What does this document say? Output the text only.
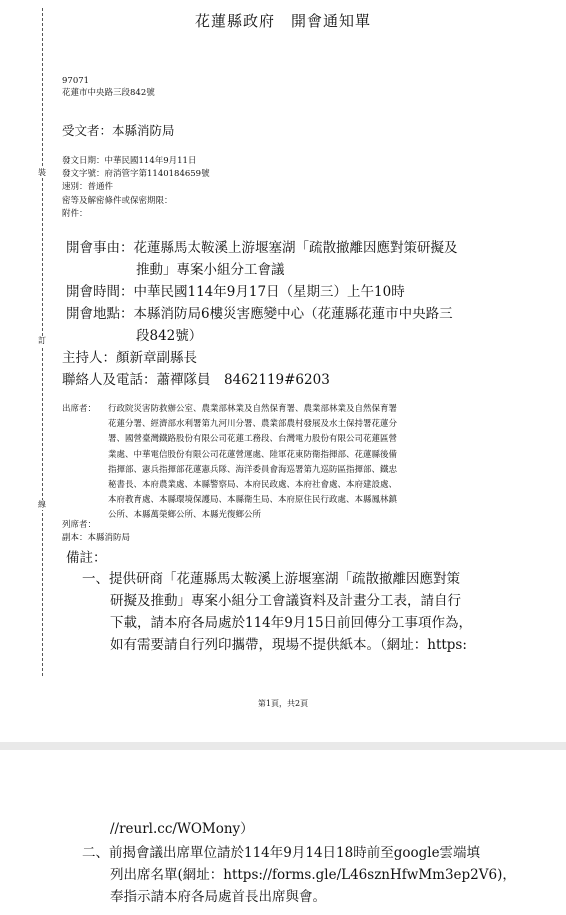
裝
訂
線
花蓮縣政府　開會通知單
97071
花蓮市中央路三段842號
受文者：本縣消防局
發文日期：中華民國114年9月11日
發文字號：府消管字第1140184659號
速別：普通件
密等及解密條件或保密期限：
附件：
開會事由：花蓮縣馬太鞍溪上游堰塞湖「疏散撤離因應對策研擬及
推動」專案小組分工會議
開會時間：中華民國114年9月17日（星期三）上午10時
開會地點：本縣消防局6樓災害應變中心（花蓮縣花蓮市中央路三
段842號）
主持人：顏新章副縣長
聯絡人及電話：蕭禪隊員　8462119#6203
出席者： 行政院災害防救辦公室、農業部林業及自然保育署、農業部林業及自然保育署
花蓮分署、經濟部水利署第九河川分署、農業部農村發展及水土保持署花蓮分
署、國營臺灣鐵路股份有限公司花蓮工務段、台灣電力股份有限公司花蓮區營
業處、中華電信股份有限公司花蓮營運處、陸軍花東防衛指揮部、花蓮縣後備
指揮部、憲兵指揮部花蓮憲兵隊、海洋委員會海巡署第九巡防區指揮部、鐵忠
秘書長、本府農業處、本縣警察局、本府民政處、本府社會處、本府建設處、
本府教育處、本縣環境保護局、本縣衛生局、本府原住民行政處、本縣鳳林鎮
公所、本縣萬榮鄉公所、本縣光復鄉公所
列席者：
副本：本縣消防局
備註：
一、提供研商「花蓮縣馬太鞍溪上游堰塞湖「疏散撤離因應對策
研擬及推動」專案小組分工會議資料及計畫分工表，請自行
下載，請本府各局處於114年9月15日前回傳分工事項作為，
如有需要請自行列印攜帶，現場不提供紙本。（網址：https:
第1頁，共2頁
//reurl.cc/WOMony）
二、前揭會議出席單位請於114年9月14日18時前至google雲端填
列出席名單(網址：https://forms.gle/L46sznHfwMm3ep2V6)，
奉指示請本府各局處首長出席與會。
